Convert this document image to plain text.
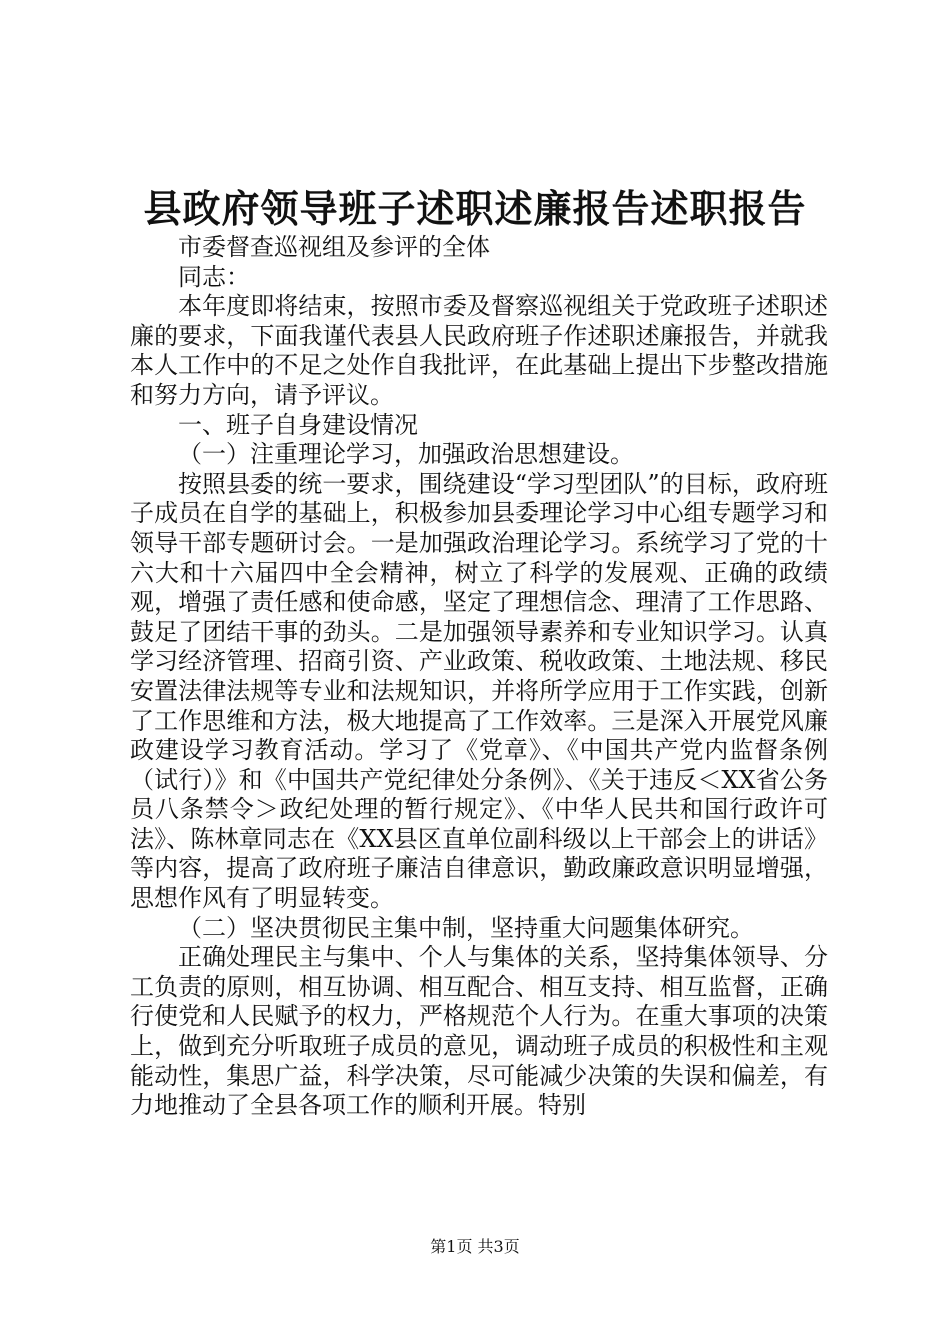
县政府领导班子述职述廉报告述职报告

市委督查巡视组及参评的全体

同志：

本年度即将结束，按照市委及督察巡视组关于党政班子述职述廉的要求，下面我谨代表县人民政府班子作述职述廉报告，并就我本人工作中的不足之处作自我批评，在此基础上提出下步整改措施和努力方向，请予评议。

一、班子自身建设情况

（一）注重理论学习，加强政治思想建设。

按照县委的统一要求，围绕建设“学习型团队”的目标，政府班子成员在自学的基础上，积极参加县委理论学习中心组专题学习和领导干部专题研讨会。一是加强政治理论学习。系统学习了党的十六大和十六届四中全会精神，树立了科学的发展观、正确的政绩观，增强了责任感和使命感，坚定了理想信念、理清了工作思路、鼓足了团结干事的劲头。二是加强领导素养和专业知识学习。认真学习经济管理、招商引资、产业政策、税收政策、土地法规、移民安置法律法规等专业和法规知识，并将所学应用于工作实践，创新了工作思维和方法，极大地提高了工作效率。三是深入开展党风廉政建设学习教育活动。学习了《党章》、《中国共产党内监督条例（试行）》和《中国共产党纪律处分条例》、《关于违反＜XX省公务员八条禁令＞政纪处理的暂行规定》、《中华人民共和国行政许可法》、陈林章同志在《XX县区直单位副科级以上干部会上的讲话》等内容，提高了政府班子廉洁自律意识，勤政廉政意识明显增强，思想作风有了明显转变。

（二）坚决贯彻民主集中制，坚持重大问题集体研究。

正确处理民主与集中、个人与集体的关系，坚持集体领导、分工负责的原则，相互协调、相互配合、相互支持、相互监督，正确行使党和人民赋予的权力，严格规范个人行为。在重大事项的决策上，做到充分听取班子成员的意见，调动班子成员的积极性和主观能动性，集思广益，科学决策，尽可能减少决策的失误和偏差，有力地推动了全县各项工作的顺利开展。特别

第1页 共3页
